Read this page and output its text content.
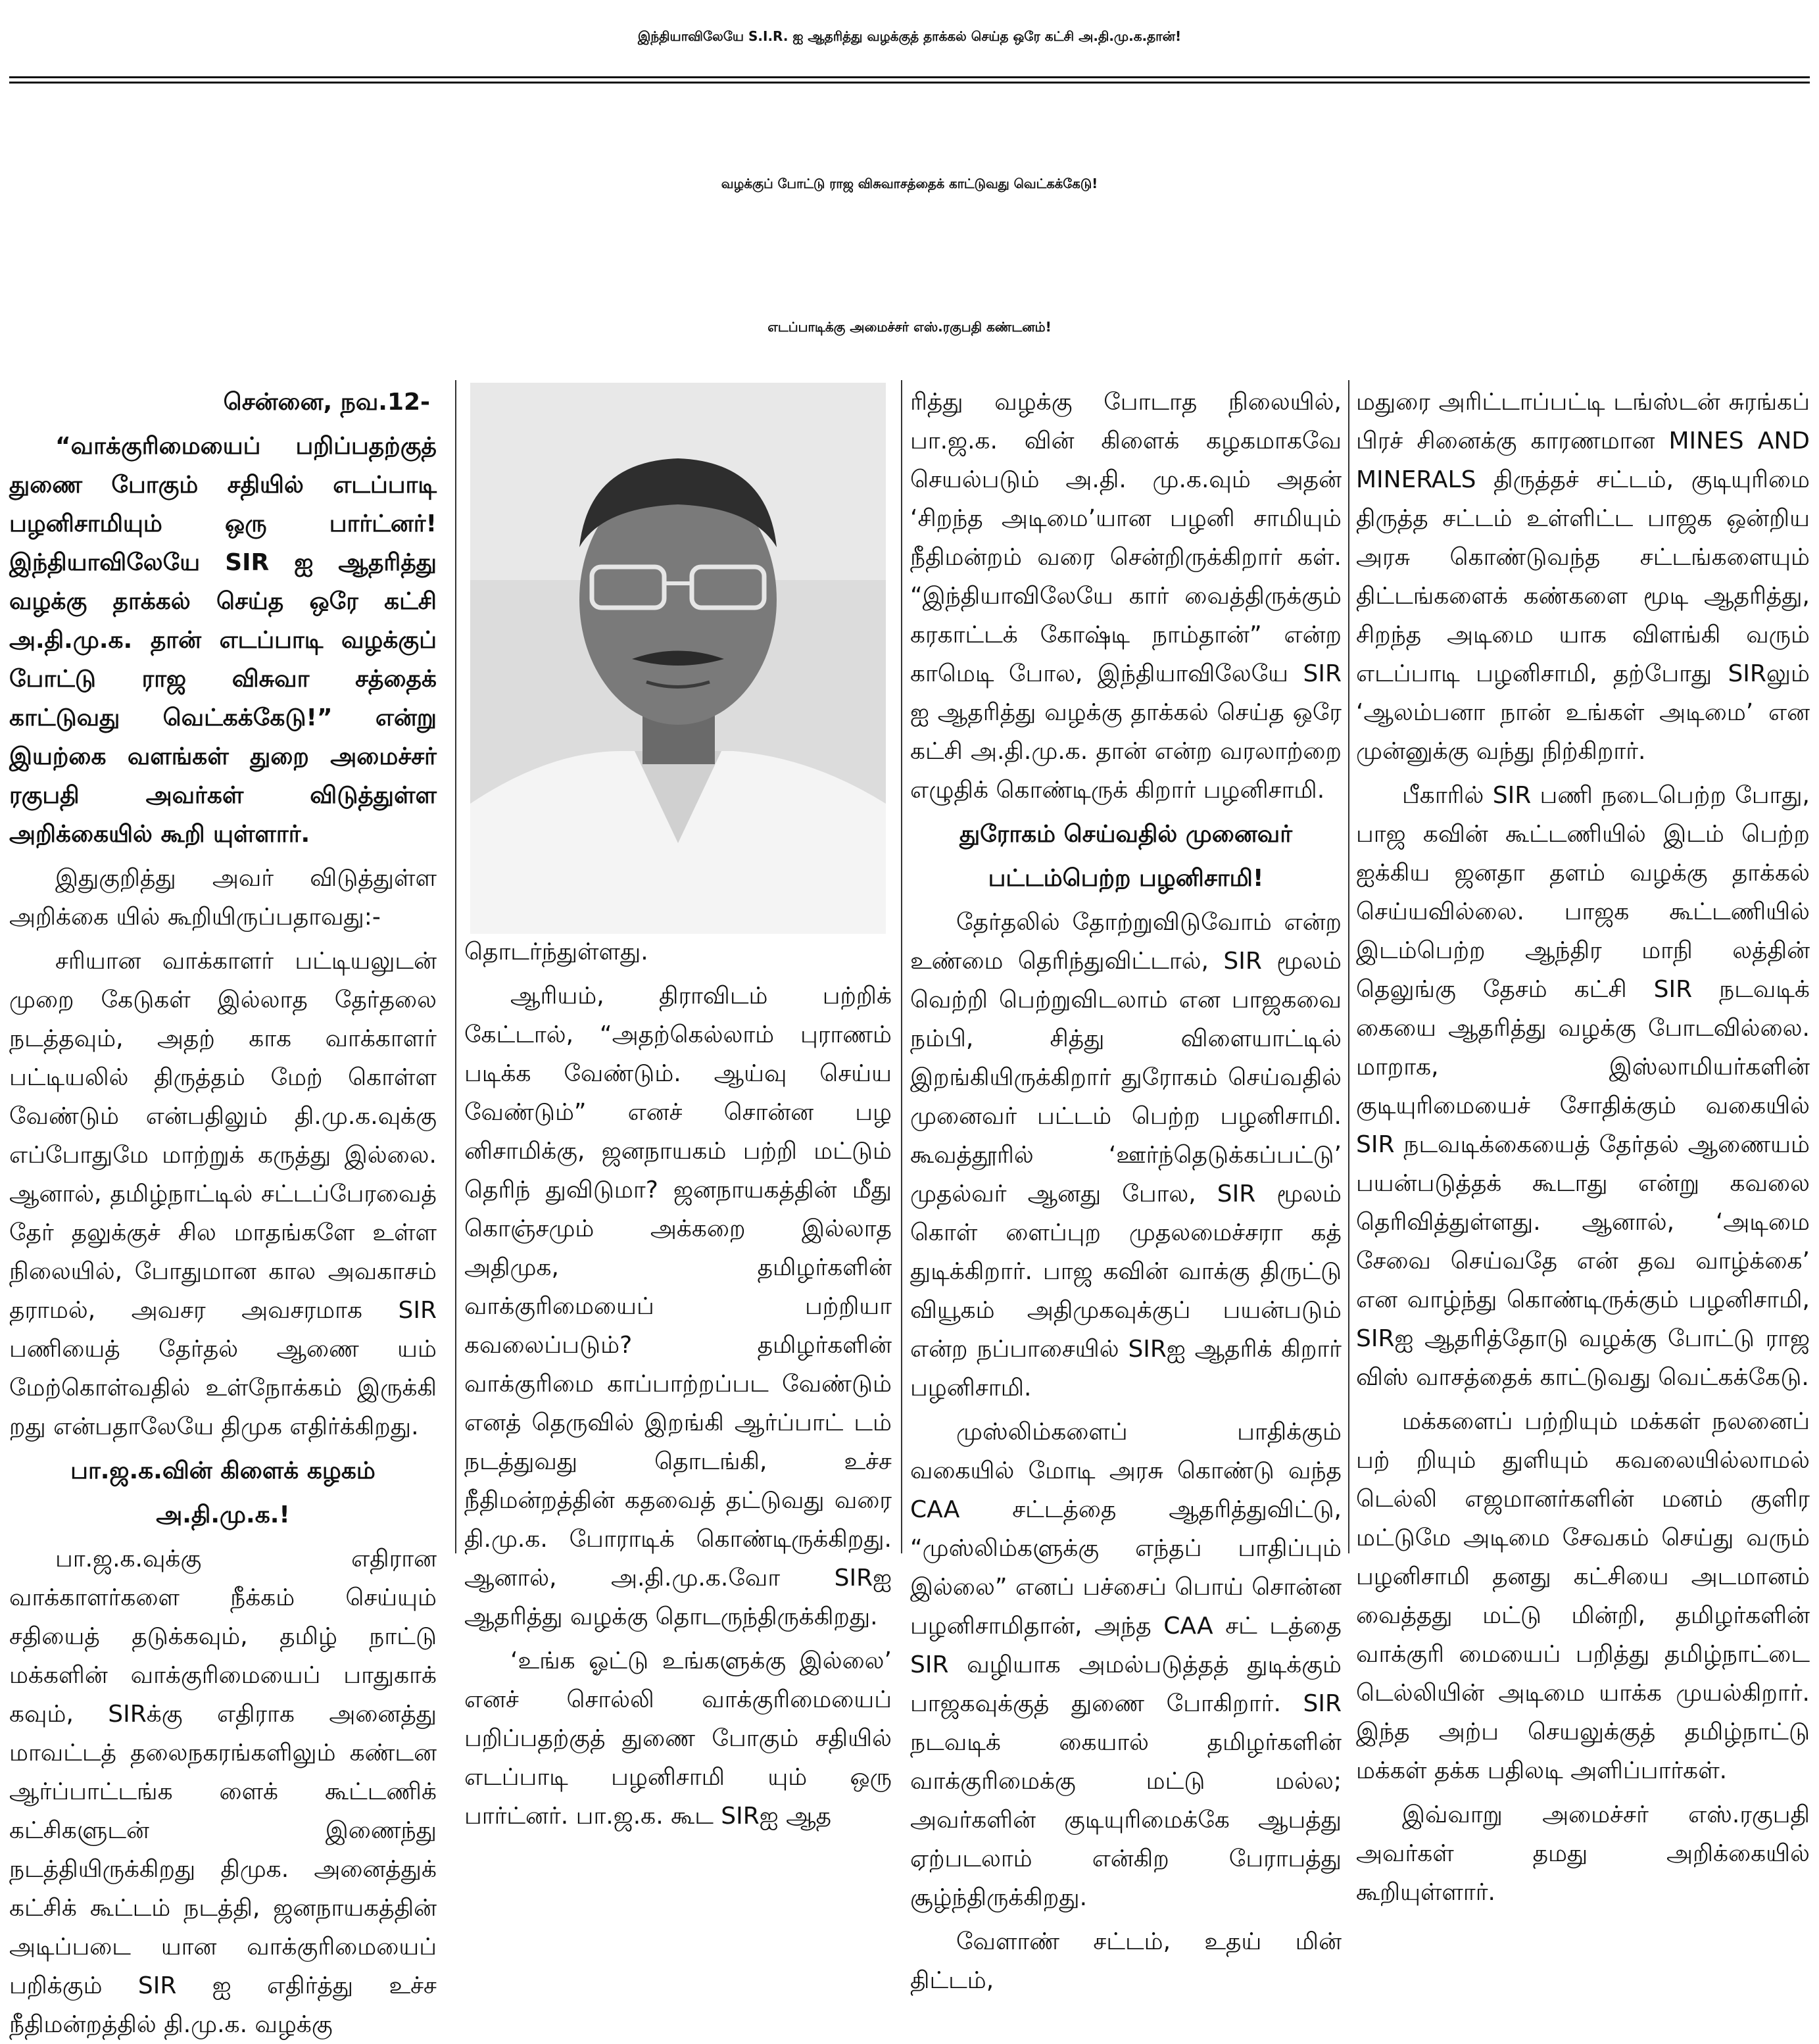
இந்தியாவிலேயே S.I.R. ஐ ஆதரித்து வழக்குத் தாக்கல் செய்த ஒரே கட்சி அ.தி.மு.க.தான்!
வழக்குப் போட்டு ராஜ விசுவாசத்தைக் காட்டுவது வெட்கக்கேடு!
எடப்பாடிக்கு அமைச்சர் எஸ்.ரகுபதி கண்டனம்!

சென்னை, நவ.12-

“வாக்குரிமையைப் பறிப்பதற்குத் துணை போகும் சதியில் எடப்பாடி பழனிசாமியும் ஒரு பார்ட்னர்! இந்தியாவிலேயே SIR ஐ ஆதரித்து வழக்கு தாக்கல் செய்த ஒரே கட்சி அ.தி.மு.க. தான் எடப்பாடி வழக்குப் போட்டு ராஜ விசுவா சத்தைக் காட்டுவது வெட்கக்கேடு!” என்று இயற்கை வளங்கள் துறை அமைச்சர் ரகுபதி அவர்கள் விடுத்துள்ள அறிக்கையில் கூறி யுள்ளார்.

இதுகுறித்து அவர் விடுத்துள்ள அறிக்கை யில் கூறியிருப்பதாவது:-

சரியான வாக்காளர் பட்டியலுடன் முறை கேடுகள் இல்லாத தேர்தலை நடத்தவும், அதற் காக வாக்காளர் பட்டியலில் திருத்தம் மேற் கொள்ள வேண்டும் என்பதிலும் தி.மு.க.வுக்கு எப்போதுமே மாற்றுக் கருத்து இல்லை. ஆனால், தமிழ்நாட்டில் சட்டப்பேரவைத் தேர் தலுக்குச் சில மாதங்களே உள்ள நிலையில், போதுமான கால அவகாசம் தராமல், அவசர அவசரமாக SIR பணியைத் தேர்தல் ஆணை யம் மேற்கொள்வதில் உள்நோக்கம் இருக்கி றது என்பதாலேயே திமுக எதிர்க்கிறது.

பா.ஜ.க.வின் கிளைக் கழகம்

அ.தி.மு.க.!

பா.ஜ.க.வுக்கு எதிரான வாக்காளர்களை நீக்கம் செய்யும் சதியைத் தடுக்கவும், தமிழ் நாட்டு மக்களின் வாக்குரிமையைப் பாதுகாக் கவும், SIRக்கு எதிராக அனைத்து மாவட்டத் தலைநகரங்களிலும் கண்டன ஆர்ப்பாட்டங்க ளைக் கூட்டணிக் கட்சிகளுடன் இணைந்து நடத்தியிருக்கிறது திமுக. அனைத்துக் கட்சிக் கூட்டம் நடத்தி, ஜனநாயகத்தின் அடிப்படை யான வாக்குரிமையைப் பறிக்கும் SIR ஐ எதிர்த்து உச்ச நீதிமன்றத்தில் தி.மு.க. வழக்கு

தொடர்ந்துள்ளது.

ஆரியம், திராவிடம் பற்றிக் கேட்டால், “அதற்கெல்லாம் புராணம் படிக்க வேண்டும். ஆய்வு செய்ய வேண்டும்” எனச் சொன்ன பழ னிசாமிக்கு, ஜனநாயகம் பற்றி மட்டும் தெரிந் துவிடுமா? ஜனநாயகத்தின் மீது கொஞ்சமும் அக்கறை இல்லாத அதிமுக, தமிழர்களின் வாக்குரிமையைப் பற்றியா கவலைப்படும்? தமிழர்களின் வாக்குரிமை காப்பாற்றப்பட வேண்டும் எனத் தெருவில் இறங்கி ஆர்ப்பாட் டம் நடத்துவது தொடங்கி, உச்ச நீதிமன்றத்தின் கதவைத் தட்டுவது வரை தி.மு.க. போராடிக் கொண்டிருக்கிறது. ஆனால், அ.தி.மு.க.வோ SIRஐ ஆதரித்து வழக்கு தொடருந்திருக்கிறது.

‘உங்க ஓட்டு உங்களுக்கு இல்லை’ எனச் சொல்லி வாக்குரிமையைப் பறிப்பதற்குத் துணை போகும் சதியில் எடப்பாடி பழனிசாமி யும் ஒரு பார்ட்னர். பா.ஜ.க. கூட SIRஐ ஆத

ரித்து வழக்கு போடாத நிலையில், பா.ஜ.க. வின் கிளைக் கழகமாகவே செயல்படும் அ.தி. மு.க.வும் அதன் ‘சிறந்த அடிமை’யான பழனி சாமியும் நீதிமன்றம் வரை சென்றிருக்கிறார் கள். “இந்தியாவிலேயே கார் வைத்திருக்கும் கரகாட்டக் கோஷ்டி நாம்தான்” என்ற காமெடி போல, இந்தியாவிலேயே SIR ஐ ஆதரித்து வழக்கு தாக்கல் செய்த ஒரே கட்சி அ.தி.மு.க. தான் என்ற வரலாற்றை எழுதிக் கொண்டிருக் கிறார் பழனிசாமி.

துரோகம் செய்வதில் முனைவர்

பட்டம்பெற்ற பழனிசாமி!

தேர்தலில் தோற்றுவிடுவோம் என்ற உண்மை தெரிந்துவிட்டால், SIR மூலம் வெற்றி பெற்றுவிடலாம் என பாஜகவை நம்பி, சித்து விளையாட்டில் இறங்கியிருக்கிறார் துரோகம் செய்வதில் முனைவர் பட்டம் பெற்ற பழனிசாமி. கூவத்தூரில் ‘ஊர்ந்தெடுக்கப்பட்டு’ முதல்வர் ஆனது போல, SIR மூலம் கொள் ளைப்புற முதலமைச்சரா கத் துடிக்கிறார். பாஜ கவின் வாக்கு திருட்டு வியூகம் அதிமுகவுக்குப் பயன்படும் என்ற நப்பாசையில் SIRஐ ஆதரிக் கிறார் பழனிசாமி.

முஸ்லிம்களைப் பாதிக்கும் வகையில் மோடி அரசு கொண்டு வந்த CAA சட்டத்தை ஆதரித்துவிட்டு, “முஸ்லிம்களுக்கு எந்தப் பாதிப்பும் இல்லை” எனப் பச்சைப் பொய் சொன்ன பழனிசாமிதான், அந்த CAA சட் டத்தை SIR வழியாக அமல்படுத்தத் துடிக்கும் பாஜகவுக்குத் துணை போகிறார். SIR நடவடிக் கையால் தமிழர்களின் வாக்குரிமைக்கு மட்டு மல்ல; அவர்களின் குடியுரிமைக்கே ஆபத்து ஏற்படலாம் என்கிற பேராபத்து சூழ்ந்திருக்கிறது.

வேளாண் சட்டம், உதய் மின் திட்டம்,

மதுரை அரிட்டாப்பட்டி டங்ஸ்டன் சுரங்கப் பிரச் சினைக்கு காரணமான MINES AND MINERALS திருத்தச் சட்டம், குடியுரிமை திருத்த சட்டம் உள்ளிட்ட பாஜக ஒன்றிய அரசு கொண்டுவந்த சட்டங்களையும் திட்டங்களைக் கண்களை மூடி ஆதரித்து, சிறந்த அடிமை யாக விளங்கி வரும் எடப்பாடி பழனிசாமி, தற்போது SIRலும் ‘ஆலம்பனா நான் உங்கள் அடிமை’ என முன்னுக்கு வந்து நிற்கிறார்.

பீகாரில் SIR பணி நடைபெற்ற போது, பாஜ கவின் கூட்டணியில் இடம் பெற்ற ஐக்கிய ஜனதா தளம் வழக்கு தாக்கல் செய்யவில்லை. பாஜக கூட்டணியில் இடம்பெற்ற ஆந்திர மாநி லத்தின் தெலுங்கு தேசம் கட்சி SIR நடவடிக் கையை ஆதரித்து வழக்கு போடவில்லை. மாறாக, இஸ்லாமியர்களின் குடியுரிமையைச் சோதிக்கும் வகையில் SIR நடவடிக்கையைத் தேர்தல் ஆணையம் பயன்படுத்தக் கூடாது என்று கவலை தெரிவித்துள்ளது. ஆனால், ‘அடிமை சேவை செய்வதே என் தவ வாழ்க்கை’ என வாழ்ந்து கொண்டிருக்கும் பழனிசாமி, SIRஐ ஆதரித்தோடு வழக்கு போட்டு ராஜ விஸ் வாசத்தைக் காட்டுவது வெட்கக்கேடு.

மக்களைப் பற்றியும் மக்கள் நலனைப் பற் றியும் துளியும் கவலையில்லாமல் டெல்லி எஜமானர்களின் மனம் குளிர மட்டுமே அடிமை சேவகம் செய்து வரும் பழனிசாமி தனது கட்சியை அடமானம் வைத்தது மட்டு மின்றி, தமிழர்களின் வாக்குரி மையைப் பறித்து தமிழ்நாட்டை டெல்லியின் அடிமை யாக்க முயல்கிறார். இந்த அற்ப செயலுக்குத் தமிழ்நாட்டு மக்கள் தக்க பதிலடி அளிப்பார்கள்.

இவ்வாறு அமைச்சர் எஸ்.ரகுபதி அவர்கள் தமது அறிக்கையில் கூறியுள்ளார்.
